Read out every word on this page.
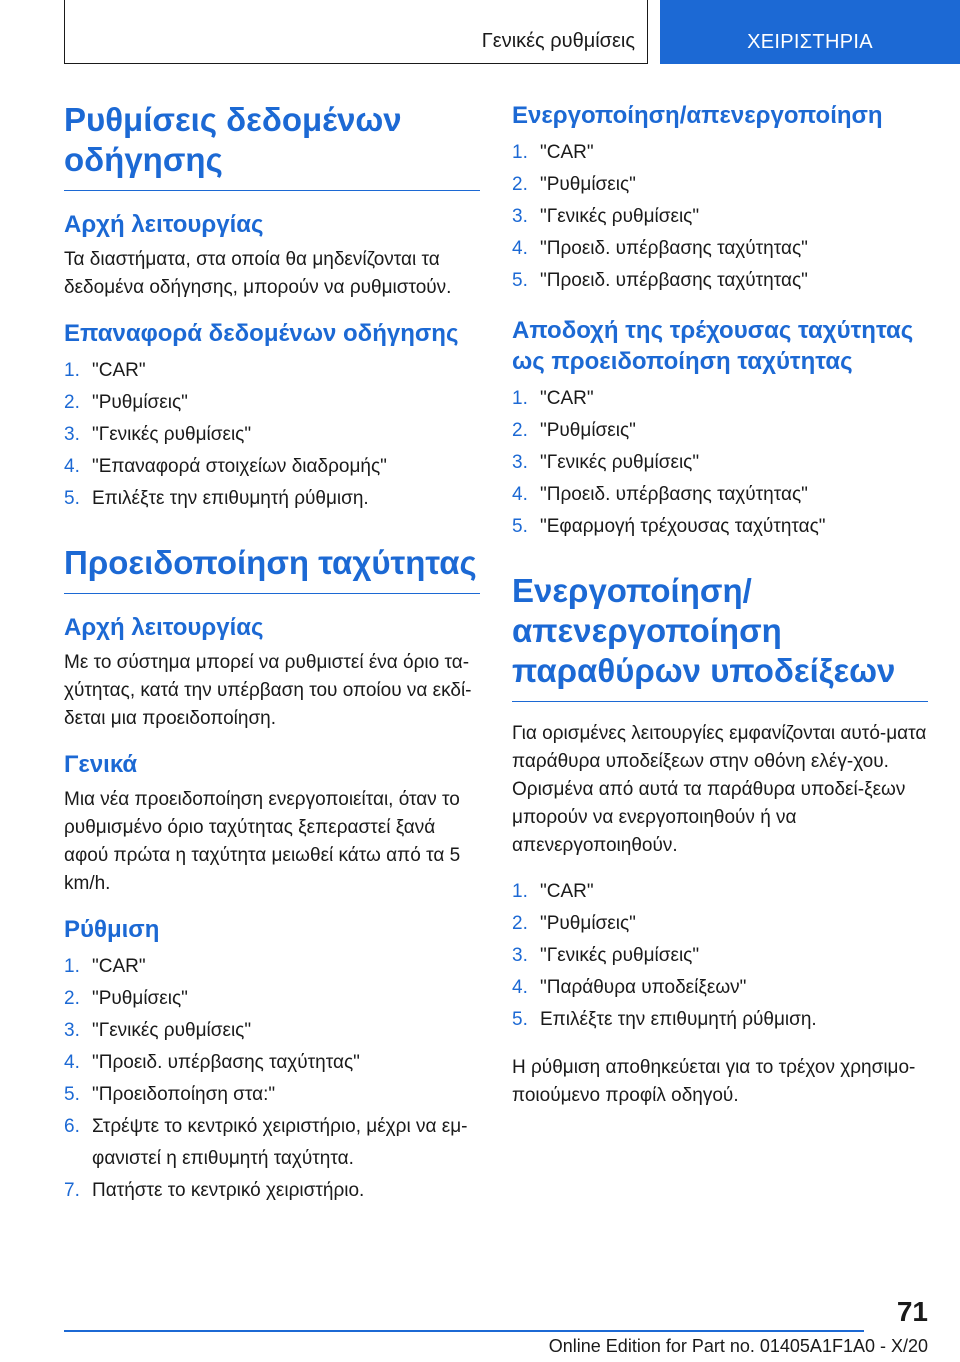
Γενικές ρυθμίσεις	ΧΕΙΡΙΣΤΗΡΙΑ
Ρυθμίσεις δεδομένων οδήγησης
Αρχή λειτουργίας
Τα διαστήματα, στα οποία θα μηδενίζονται τα δεδομένα οδήγησης, μπορούν να ρυθμιστούν.
Επαναφορά δεδομένων οδήγησης
1. "CAR"
2. "Ρυθμίσεις"
3. "Γενικές ρυθμίσεις"
4. "Επαναφορά στοιχείων διαδρομής"
5. Επιλέξτε την επιθυμητή ρύθμιση.
Προειδοποίηση ταχύτητας
Αρχή λειτουργίας
Με το σύστημα μπορεί να ρυθμιστεί ένα όριο τα-χύτητας, κατά την υπέρβαση του οποίου να εκδί-δεται μια προειδοποίηση.
Γενικά
Μια νέα προειδοποίηση ενεργοποιείται, όταν το ρυθμισμένο όριο ταχύτητας ξεπεραστεί ξανά αφού πρώτα η ταχύτητα μειωθεί κάτω από τα 5 km/h.
Ρύθμιση
1. "CAR"
2. "Ρυθμίσεις"
3. "Γενικές ρυθμίσεις"
4. "Προειδ. υπέρβασης ταχύτητας"
5. "Προειδοποίηση στα:"
6. Στρέψτε το κεντρικό χειριστήριο, μέχρι να εμ-φανιστεί η επιθυμητή ταχύτητα.
7. Πατήστε το κεντρικό χειριστήριο.
Ενεργοποίηση/απενεργοποίηση
1. "CAR"
2. "Ρυθμίσεις"
3. "Γενικές ρυθμίσεις"
4. "Προειδ. υπέρβασης ταχύτητας"
5. "Προειδ. υπέρβασης ταχύτητας"
Αποδοχή της τρέχουσας ταχύτητας ως προειδοποίηση ταχύτητας
1. "CAR"
2. "Ρυθμίσεις"
3. "Γενικές ρυθμίσεις"
4. "Προειδ. υπέρβασης ταχύτητας"
5. "Εφαρμογή τρέχουσας ταχύτητας"
Ενεργοποίηση/απενεργοποίηση παραθύρων υποδείξεων
Για ορισμένες λειτουργίες εμφανίζονται αυτό-ματα παράθυρα υποδείξεων στην οθόνη ελέγ-χου. Ορισμένα από αυτά τα παράθυρα υποδεί-ξεων μπορούν να ενεργοποιηθούν ή να απενεργοποιηθούν.
1. "CAR"
2. "Ρυθμίσεις"
3. "Γενικές ρυθμίσεις"
4. "Παράθυρα υποδείξεων"
5. Επιλέξτε την επιθυμητή ρύθμιση.
Η ρύθμιση αποθηκεύεται για το τρέχον χρησιμο-ποιούμενο προφίλ οδηγού.
71
Online Edition for Part no. 01405A1F1A0 - X/20
